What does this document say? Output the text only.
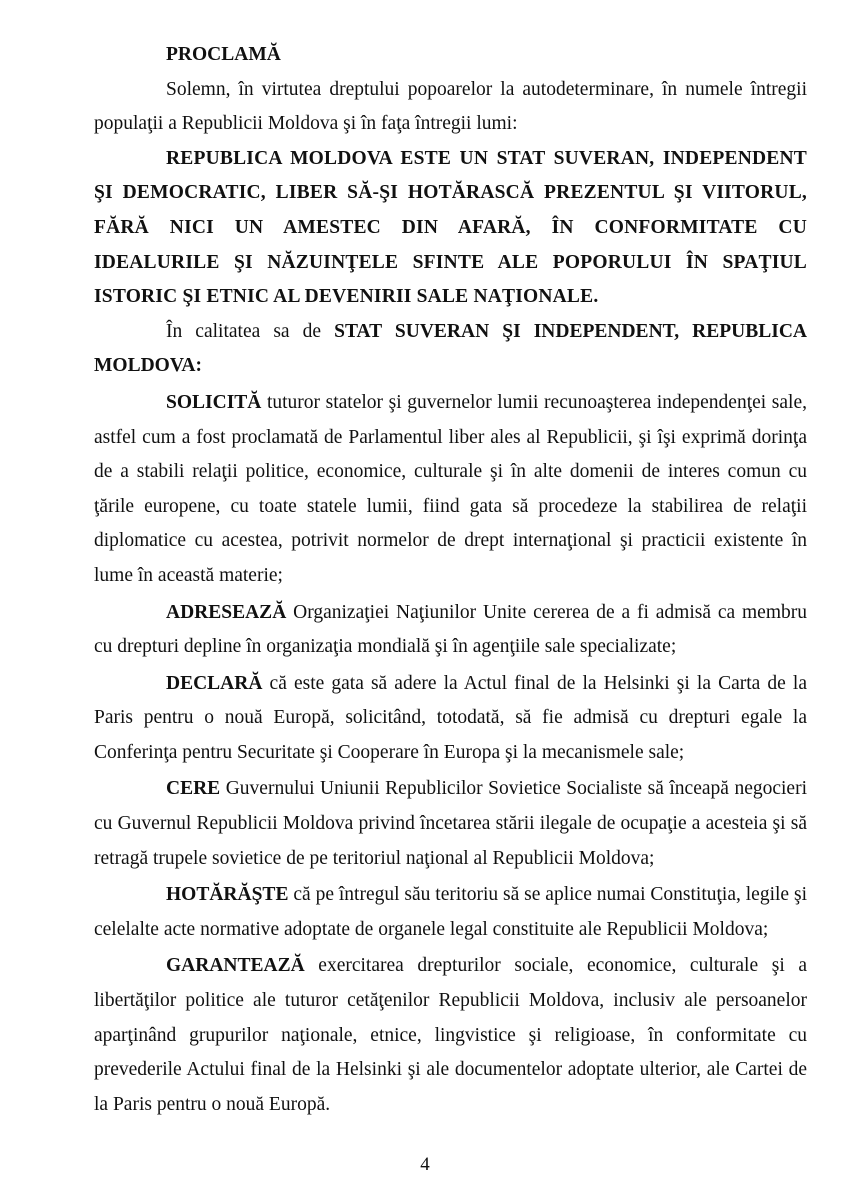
PROCLAMĂ

Solemn, în virtutea dreptului popoarelor la autodeterminare, în numele întregii populaţii a Republicii Moldova şi în faţa întregii lumi:

REPUBLICA MOLDOVA ESTE UN STAT SUVERAN, INDEPENDENT ŞI DEMOCRATIC, LIBER SĂ-ŞI HOTĂRASCĂ PREZENTUL ŞI VIITORUL, FĂRĂ NICI UN AMESTEC DIN AFARĂ, ÎN CONFORMITATE CU IDEALURILE ŞI NĂZUINŢELE SFINTE ALE POPORULUI ÎN SPAŢIUL ISTORIC ŞI ETNIC AL DEVENIRII SALE NAŢIONALE.

În calitatea sa de STAT SUVERAN ŞI INDEPENDENT, REPUBLICA MOLDOVA:

SOLICITĂ tuturor statelor şi guvernelor lumii recunoaşterea independenţei sale, astfel cum a fost proclamată de Parlamentul liber ales al Republicii, şi îşi exprimă dorinţa de a stabili relaţii politice, economice, culturale şi în alte domenii de interes comun cu ţările europene, cu toate statele lumii, fiind gata să procedeze la stabilirea de relaţii diplomatice cu acestea, potrivit normelor de drept internaţional şi practicii existente în lume în această materie;

ADRESEAZĂ Organizaţiei Naţiunilor Unite cererea de a fi admisă ca membru cu drepturi depline în organizaţia mondială şi în agenţiile sale specializate;

DECLARĂ că este gata să adere la Actul final de la Helsinki şi la Carta de la Paris pentru o nouă Europă, solicitând, totodată, să fie admisă cu drepturi egale la Conferinţa pentru Securitate şi Cooperare în Europa şi la mecanismele sale;

CERE Guvernului Uniunii Republicilor Sovietice Socialiste să înceapă negocieri cu Guvernul Republicii Moldova privind încetarea stării ilegale de ocupaţie a acesteia şi să retragă trupele sovietice de pe teritoriul naţional al Republicii Moldova;

HOTĂRĂŞTE că pe întregul său teritoriu să se aplice numai Constituţia, legile şi celelalte acte normative adoptate de organele legal constituite ale Republicii Moldova;

GARANTEAZĂ exercitarea drepturilor sociale, economice, culturale şi a libertăţilor politice ale tuturor cetăţenilor Republicii Moldova, inclusiv ale persoanelor aparţinând grupurilor naţionale, etnice, lingvistice şi religioase, în conformitate cu prevederile Actului final de la Helsinki şi ale documentelor adoptate ulterior, ale Cartei de la Paris pentru o nouă Europă.

4
